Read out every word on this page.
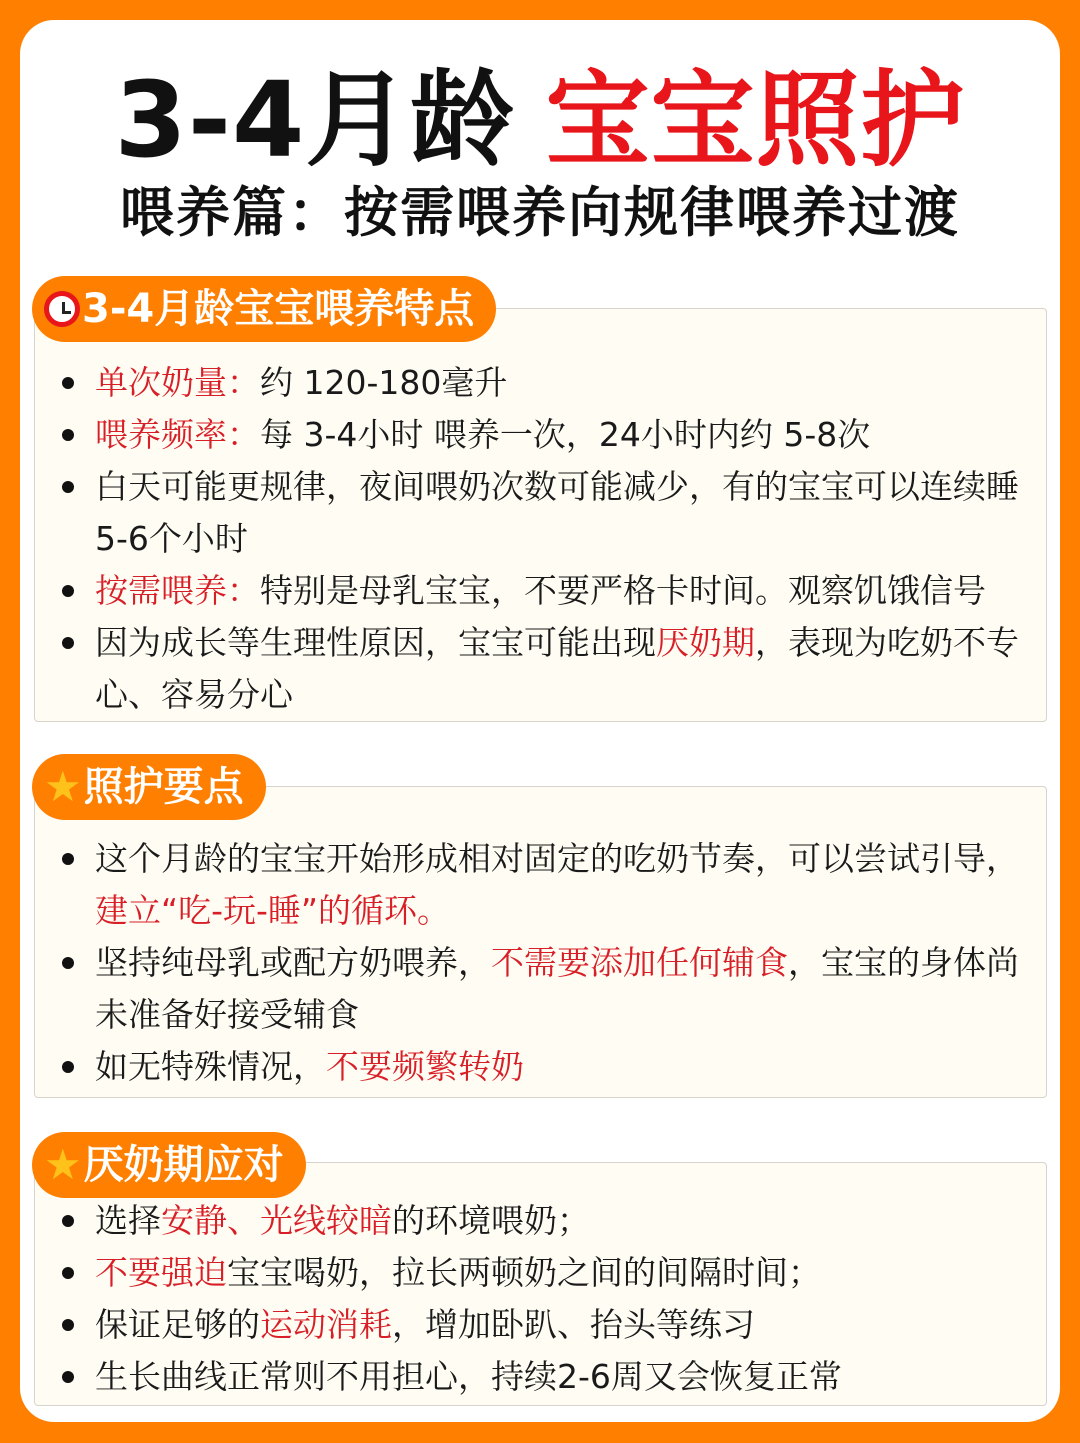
3-4月龄 宝宝照护
喂养篇：按需喂养向规律喂养过渡
单次奶量：约 120-180毫升
喂养频率：每 3-4小时 喂养一次，24小时内约 5-8次
白天可能更规律，夜间喂奶次数可能减少，有的宝宝可以连续睡
5-6个小时
按需喂养：特别是母乳宝宝，不要严格卡时间。观察饥饿信号
因为成长等生理性原因，宝宝可能出现厌奶期，表现为吃奶不专
心、容易分心
3-4月龄宝宝喂养特点
这个月龄的宝宝开始形成相对固定的吃奶节奏，可以尝试引导，
建立“吃-玩-睡”的循环。
坚持纯母乳或配方奶喂养，不需要添加任何辅食，宝宝的身体尚
未准备好接受辅食
如无特殊情况，不要频繁转奶
★ 照护要点
选择安静、光线较暗的环境喂奶；
不要强迫宝宝喝奶，拉长两顿奶之间的间隔时间；
保证足够的运动消耗，增加卧趴、抬头等练习
生长曲线正常则不用担心，持续2-6周又会恢复正常
★ 厌奶期应对
